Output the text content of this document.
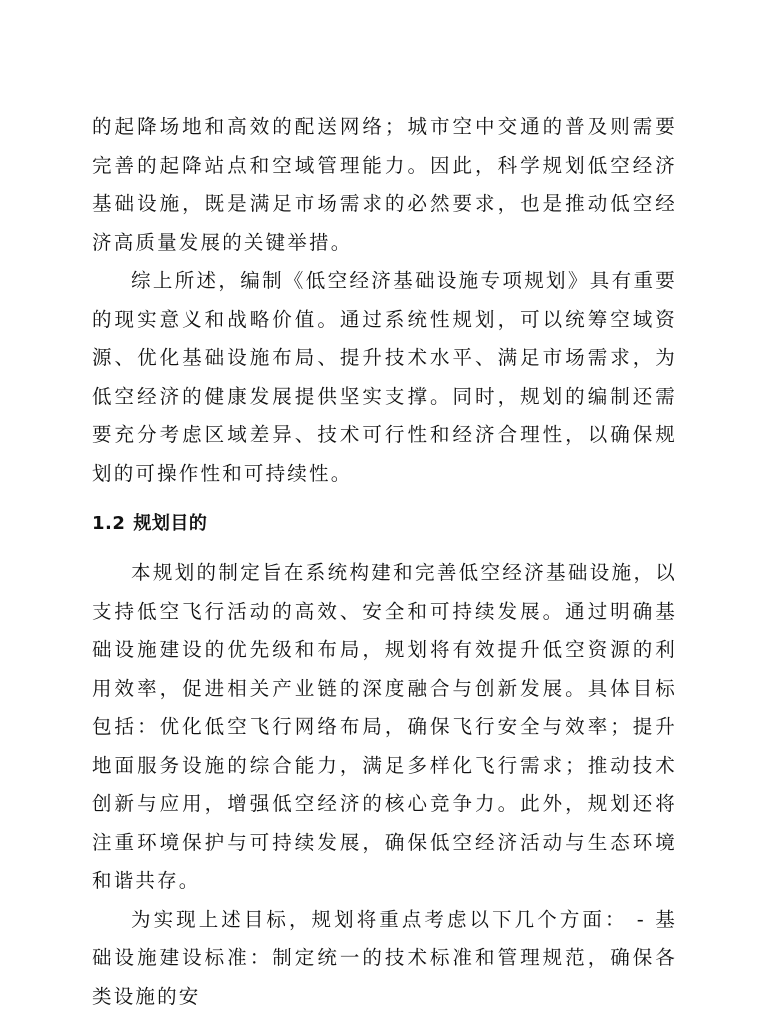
的起降场地和高效的配送网络；城市空中交通的普及则需要完善的起降站点和空域管理能力。因此，科学规划低空经济基础设施，既是满足市场需求的必然要求，也是推动低空经济高质量发展的关键举措。

综上所述，编制《低空经济基础设施专项规划》具有重要的现实意义和战略价值。通过系统性规划，可以统筹空域资源、优化基础设施布局、提升技术水平、满足市场需求，为低空经济的健康发展提供坚实支撑。同时，规划的编制还需要充分考虑区域差异、技术可行性和经济合理性，以确保规划的可操作性和可持续性。

1.2 规划目的

本规划的制定旨在系统构建和完善低空经济基础设施，以支持低空飞行活动的高效、安全和可持续发展。通过明确基础设施建设的优先级和布局，规划将有效提升低空资源的利用效率，促进相关产业链的深度融合与创新发展。具体目标包括：优化低空飞行网络布局，确保飞行安全与效率；提升地面服务设施的综合能力，满足多样化飞行需求；推动技术创新与应用，增强低空经济的核心竞争力。此外，规划还将注重环境保护与可持续发展，确保低空经济活动与生态环境和谐共存。

为实现上述目标，规划将重点考虑以下几个方面： - 基础设施建设标准：制定统一的技术标准和管理规范，确保各类设施的安
